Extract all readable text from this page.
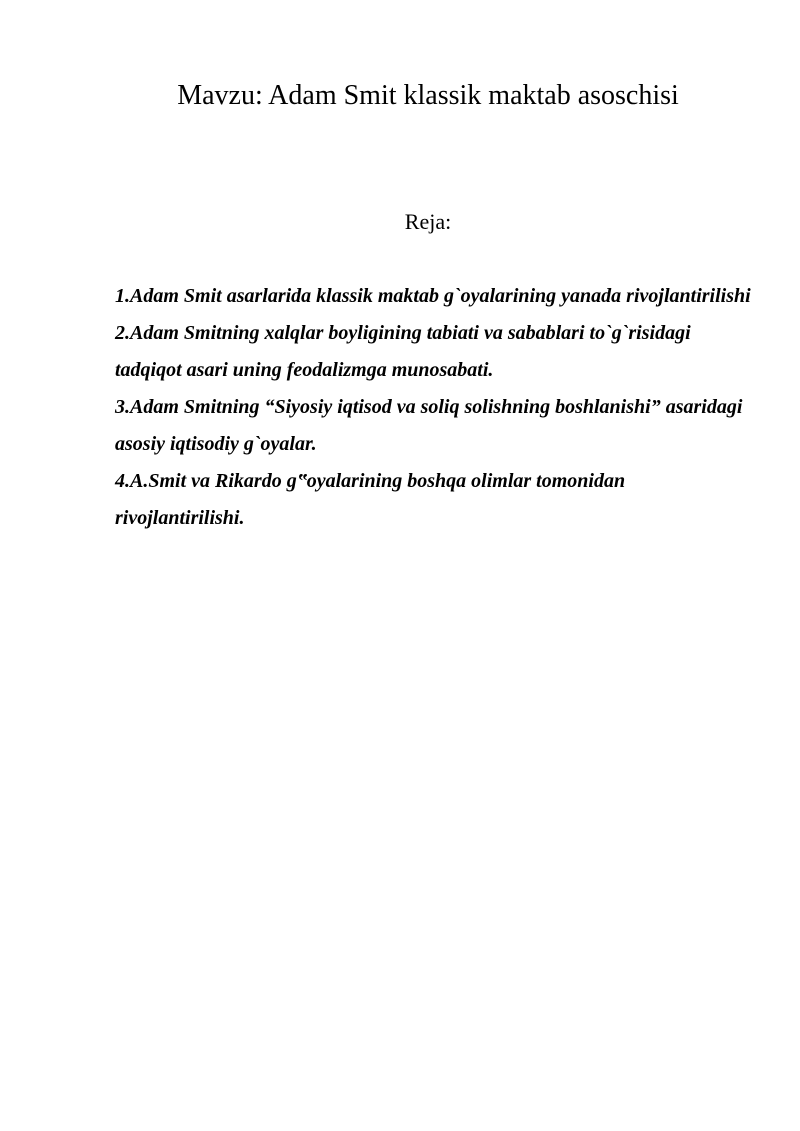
Mavzu: Adam Smit klassik maktab asoschisi
Reja:
1.Adam Smit asarlarida klassik maktab g`oyalarining yanada rivojlantirilishi
2.Adam Smitning xalqlar boyligining tabiati va sabablari to`g`risidagi tadqiqot asari uning feodalizmga munosabati.
3.Adam Smitning “Siyosiy iqtisod va soliq solishning boshlanishi” asaridagi asosiy iqtisodiy g`oyalar.
4.A.Smit va Rikardo g‟oyalarining boshqa olimlar tomonidan rivojlantirilishi.
